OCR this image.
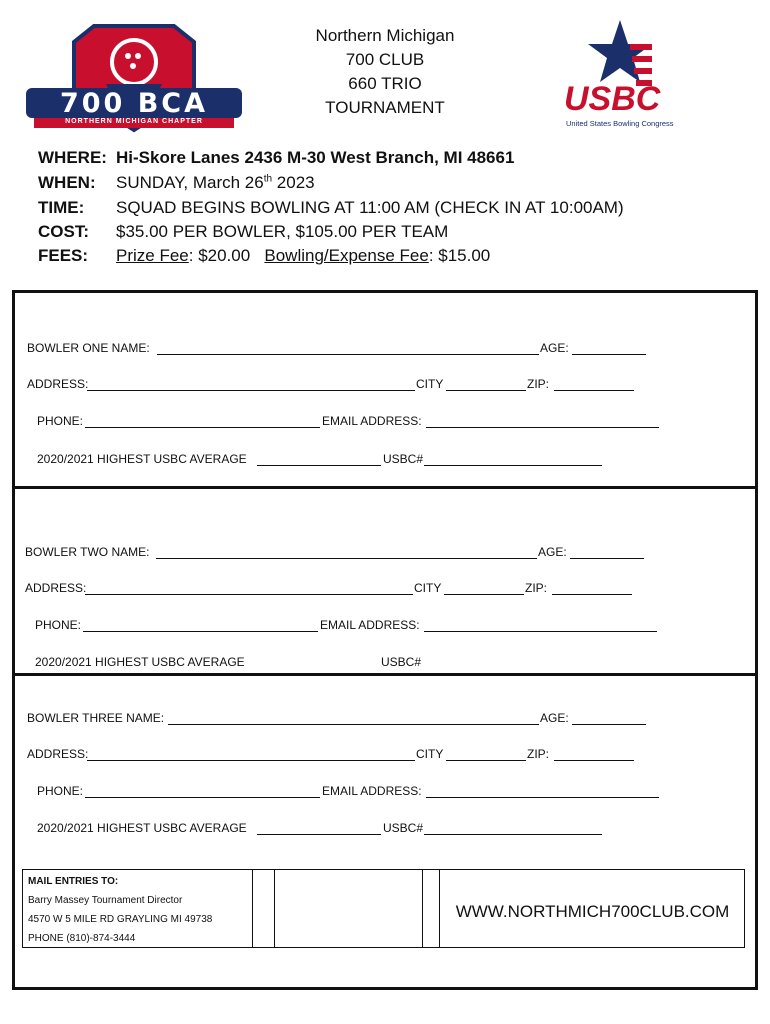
700 BCA
NORTHERN MICHIGAN CHAPTER
Northern Michigan
700 CLUB
660 TRIO
TOURNAMENT	USBC
United States Bowling Congress
WHERE: Hi-Skore Lanes 2436 M-30 West Branch, MI 48661
WHEN: SUNDAY, March 26th 2023
TIME: SQUAD BEGINS BOWLING AT 11:00 AM (CHECK IN AT 10:00AM)
COST: $35.00 PER BOWLER, $105.00 PER TEAM
FEES: Prize Fee: $20.00 Bowling/Expense Fee: $15.00
BOWLER ONE NAME:	AGE:
ADDRESS:	CITY	ZIP:
PHONE:	EMAIL ADDRESS:
2020/2021 HIGHEST USBC AVERAGE	USBC#
BOWLER TWO NAME:	AGE:
ADDRESS:	CITY	ZIP:
PHONE:	EMAIL ADDRESS:
2020/2021 HIGHEST USBC AVERAGE	USBC#
BOWLER THREE NAME:	AGE:
ADDRESS:	CITY	ZIP:
PHONE:	EMAIL ADDRESS:
2020/2021 HIGHEST USBC AVERAGE	USBC#
MAIL ENTRIES TO:
Barry Massey Tournament Director
4570 W 5 MILE RD GRAYLING MI 49738
PHONE (810)-874-3444
WWW.NORTHMICH700CLUB.COM
